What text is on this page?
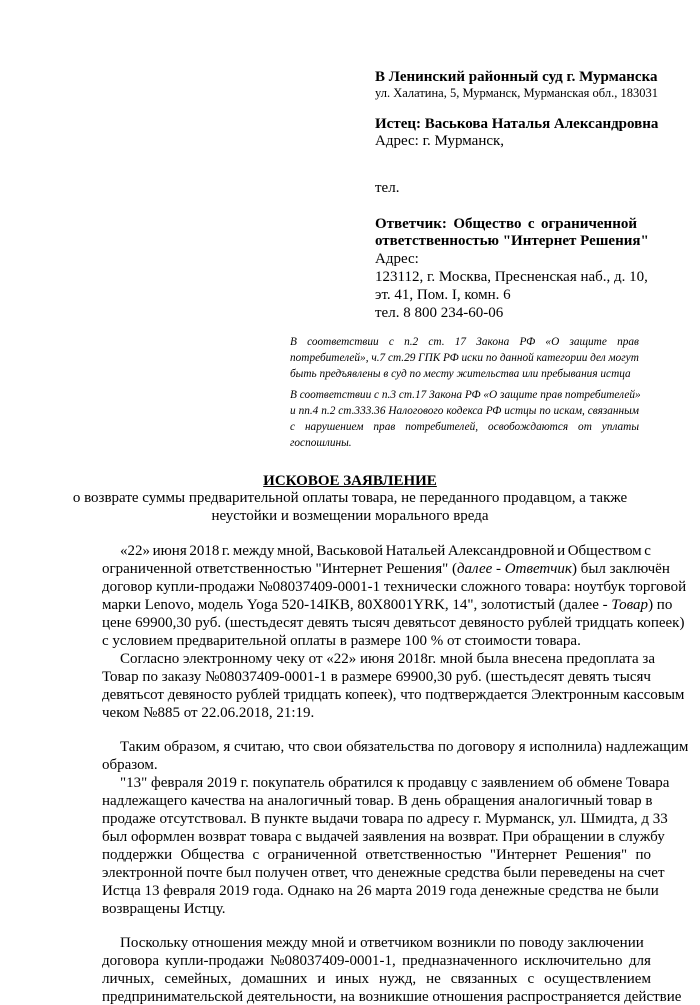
В Ленинский районный суд г. Мурманска
ул. Халатина, 5, Мурманск, Мурманская обл., 183031
Истец: Васькова Наталья Александровна
Адрес: г. Мурманск,
тел.
Ответчик: Общество с ограниченной
ответственностью "Интернет Решения"
Адрес:
123112, г. Москва, Пресненская наб., д. 10,
эт. 41, Пом. I, комн. 6
тел. 8 800 234-60-06
В соответствии с п.2 ст. 17 Закона РФ «О защите прав
потребителей», ч.7 ст.29 ГПК РФ иски по данной категории дел могут
быть предъявлены в суд по месту жительства или пребывания истца
В соответствии с п.3 ст.17 Закона РФ «О защите прав потребителей»
и пп.4 п.2 ст.333.36 Налогового кодекса РФ истцы по искам, связанным
с нарушением прав потребителей, освобождаются от уплаты
госпошлины.
ИСКОВОЕ ЗАЯВЛЕНИЕ
о возврате суммы предварительной оплаты товара, не переданного продавцом, а также
неустойки и возмещении морального вреда
«22» июня 2018 г. между мной, Васьковой Натальей Александровной и Обществом с
ограниченной ответственностью "Интернет Решения" (далее - Ответчик) был заключён
договор купли-продажи №08037409-0001-1 технически сложного товара: ноутбук торговой
марки Lenovo, модель Yoga 520-14IKB, 80X8001YRK, 14", золотистый (далее - Товар) по
цене 69900,30 руб. (шестьдесят девять тысяч девятьсот девяносто рублей тридцать копеек)
с условием предварительной оплаты в размере 100 % от стоимости товара.
Согласно электронному чеку от «22» июня 2018г. мной была внесена предоплата за
Товар по заказу №08037409-0001-1 в размере 69900,30 руб. (шестьдесят девять тысяч
девятьсот девяносто рублей тридцать копеек), что подтверждается Электронным кассовым
чеком №885 от 22.06.2018, 21:19.
Таким образом, я считаю, что свои обязательства по договору я исполнила) надлежащим
образом.
"13" февраля 2019 г. покупатель обратился к продавцу с заявлением об обмене Товара
надлежащего качества на аналогичный товар. В день обращения аналогичный товар в
продаже отсутствовал. В пункте выдачи товара по адресу г. Мурманск, ул. Шмидта, д 33
был оформлен возврат товара с выдачей заявления на возврат. При обращении в службу
поддержки Общества с ограниченной ответственностью "Интернет Решения" по
электронной почте был получен ответ, что денежные средства были переведены на счет
Истца 13 февраля 2019 года. Однако на 26 марта 2019 года денежные средства не были
возвращены Истцу.
Поскольку отношения между мной и ответчиком возникли по поводу заключении
договора купли-продажи №08037409-0001-1, предназначенного исключительно для
личных, семейных, домашних и иных нужд, не связанных с осуществлением
предпринимательской деятельности, на возникшие отношения распространяется действие
